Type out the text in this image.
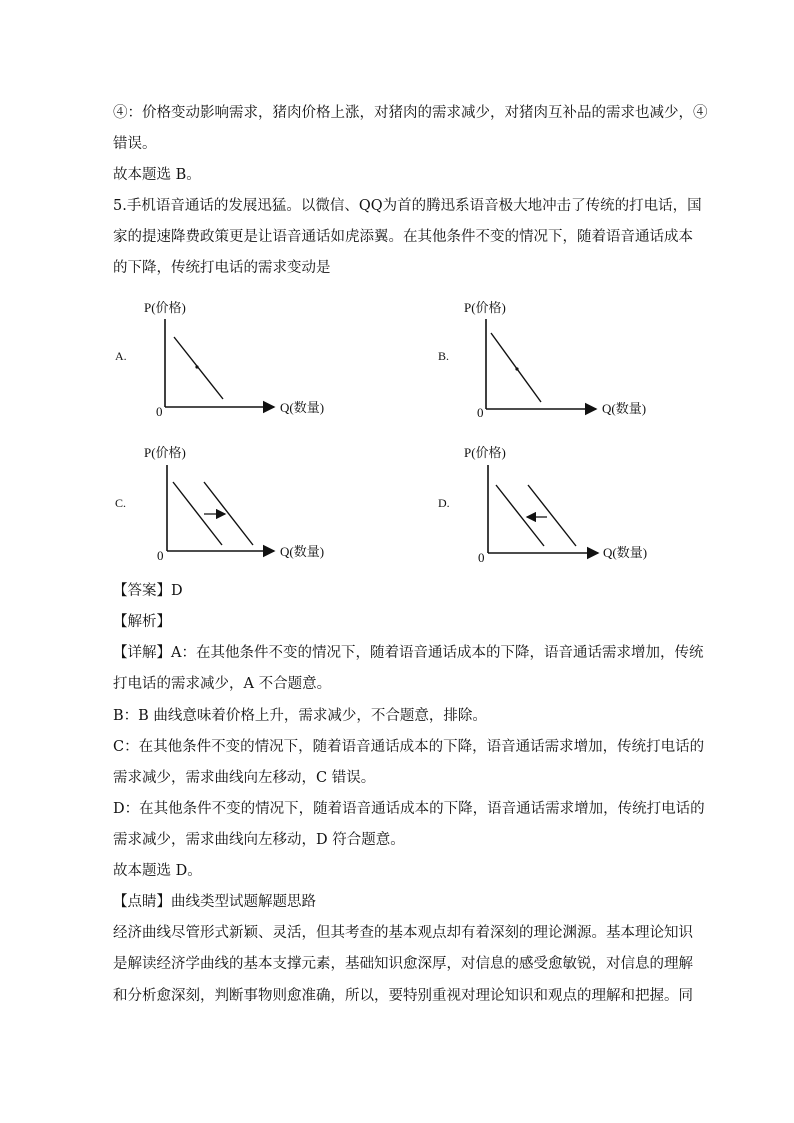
④：价格变动影响需求，猪肉价格上涨，对猪肉的需求减少，对猪肉互补品的需求也减少，④
错误。
故本题选 B。
5.手机语音通话的发展迅猛。以微信、QQ为首的腾迅系语音极大地冲击了传统的打电话，国
家的提速降费政策更是让语音通话如虎添翼。在其他条件不变的情况下，随着语音通话成本
的下降，传统打电话的需求变动是
A.
P(价格)
Q(数量)
0
B.
P(价格)
Q(数量)
0
C.
P(价格)
Q(数量)
0
D.
P(价格)
Q(数量)
0
【答案】D
【解析】
【详解】A：在其他条件不变的情况下，随着语音通话成本的下降，语音通话需求增加，传统
打电话的需求减少，A 不合题意。
B：B 曲线意味着价格上升，需求减少，不合题意，排除。
C：在其他条件不变的情况下，随着语音通话成本的下降，语音通话需求增加，传统打电话的
需求减少，需求曲线向左移动，C 错误。
D：在其他条件不变的情况下，随着语音通话成本的下降，语音通话需求增加，传统打电话的
需求减少，需求曲线向左移动，D 符合题意。
故本题选 D。
【点睛】曲线类型试题解题思路
经济曲线尽管形式新颖、灵活，但其考查的基本观点却有着深刻的理论渊源。基本理论知识
是解读经济学曲线的基本支撑元素，基础知识愈深厚，对信息的感受愈敏锐，对信息的理解
和分析愈深刻，判断事物则愈准确，所以，要特别重视对理论知识和观点的理解和把握。同
